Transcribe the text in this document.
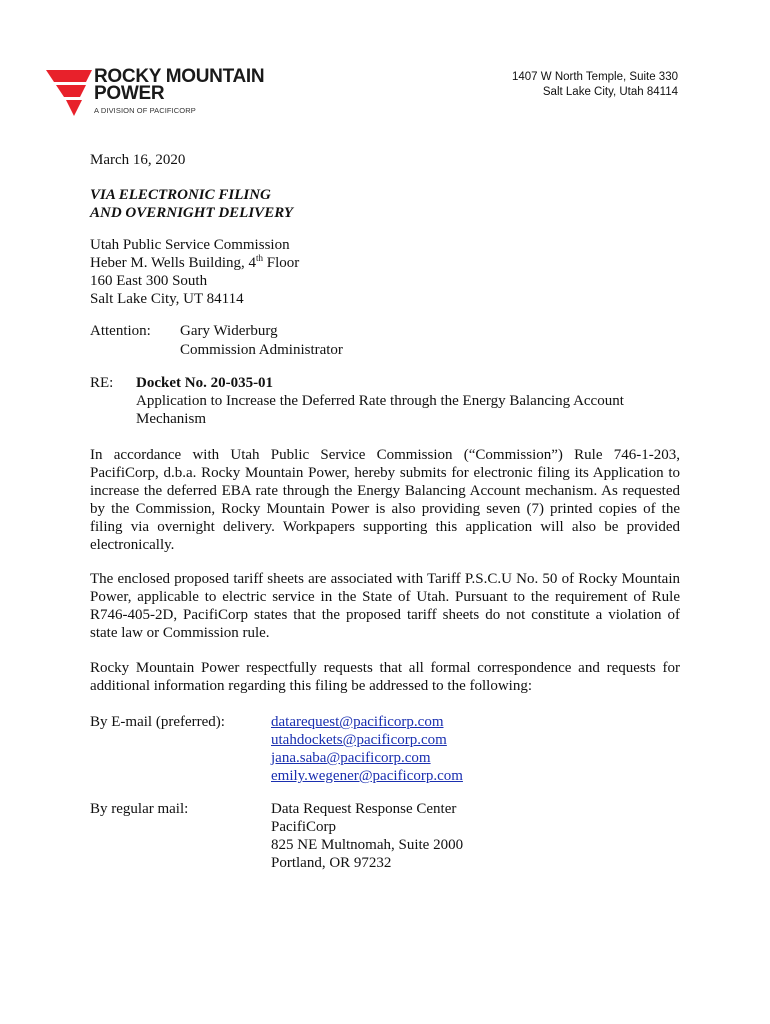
ROCKY MOUNTAIN
POWER
A DIVISION OF PACIFICORP
1407 W North Temple, Suite 330
Salt Lake City, Utah 84114
March 16, 2020
VIA ELECTRONIC FILING
AND OVERNIGHT DELIVERY
Utah Public Service Commission
Heber M. Wells Building, 4th Floor
160 East 300 South
Salt Lake City, UT 84114
Attention: Gary Widerburg
Commission Administrator
RE: Docket No. 20-035-01
Application to Increase the Deferred Rate through the Energy Balancing Account
Mechanism
In accordance with Utah Public Service Commission (“Commission”) Rule 746-1-203, PacifiCorp, d.b.a. Rocky Mountain Power, hereby submits for electronic filing its Application to increase the deferred EBA rate through the Energy Balancing Account mechanism. As requested by the Commission, Rocky Mountain Power is also providing seven (7) printed copies of the filing via overnight delivery. Workpapers supporting this application will also be provided electronically.
The enclosed proposed tariff sheets are associated with Tariff P.S.C.U No. 50 of Rocky Mountain Power, applicable to electric service in the State of Utah. Pursuant to the requirement of Rule R746-405-2D, PacifiCorp states that the proposed tariff sheets do not constitute a violation of state law or Commission rule.
Rocky Mountain Power respectfully requests that all formal correspondence and requests for additional information regarding this filing be addressed to the following:
By E-mail (preferred):	datarequest@pacificorp.com
utahdockets@pacificorp.com
jana.saba@pacificorp.com
emily.wegener@pacificorp.com
By regular mail:	Data Request Response Center
PacifiCorp
825 NE Multnomah, Suite 2000
Portland, OR 97232
